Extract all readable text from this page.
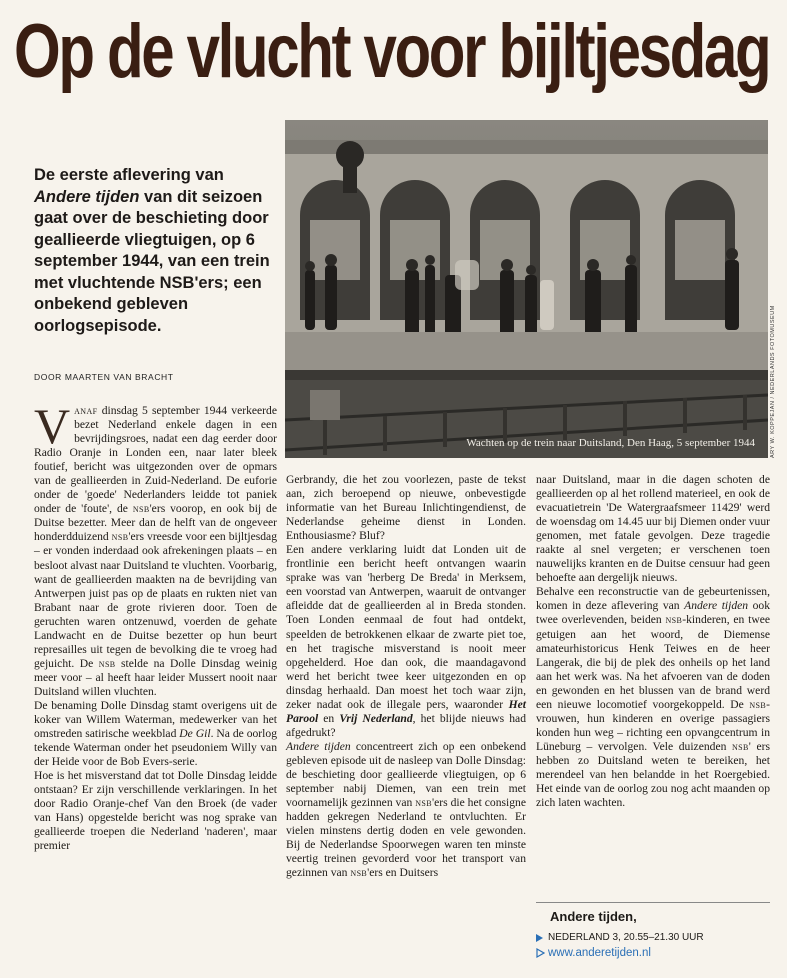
Op de vlucht voor bijltjesdag
De eerste aflevering van Andere tijden van dit seizoen gaat over de beschieting door geallieerde vliegtuigen, op 6 september 1944, van een trein met vluchtende NSB'ers; een onbekend gebleven oorlogsepisode.
DOOR MAARTEN VAN BRACHT
Wachten op de trein naar Duitsland, Den Haag, 5 september 1944	ARY W. KOPPEJAN / NEDERLANDS FOTOMUSEUM

Vanaf dinsdag 5 september 1944 verkeerde bezet Nederland enkele dagen in een bevrijdingsroes, nadat een dag eerder door Radio Oranje in Londen een, naar later bleek foutief, bericht was uitgezonden over de opmars van de geallieerden in Zuid-Nederland. De euforie onder de 'goede' Nederlanders leidde tot paniek onder de 'foute', de nsb'ers voorop, en ook bij de Duitse bezetter. Meer dan de helft van de ongeveer honderdduizend nsb'ers vreesde voor een bijltjesdag – er vonden inderdaad ook afrekeningen plaats – en besloot alvast naar Duitsland te vluchten. Voorbarig, want de geallieerden maakten na de bevrijding van Antwerpen juist pas op de plaats en rukten niet van Brabant naar de grote rivieren door. Toen de geruchten waren ontzenuwd, voerden de gehate Landwacht en de Duitse bezetter op hun beurt represailles uit tegen de bevolking die te vroeg had gejuicht. De nsb stelde na Dolle Dinsdag weinig meer voor – al heeft haar leider Mussert nooit naar Duitsland willen vluchten.

De benaming Dolle Dinsdag stamt overigens uit de koker van Willem Waterman, medewerker van het omstreden satirische weekblad De Gil. Na de oorlog tekende Waterman onder het pseudoniem Willy van der Heide voor de Bob Evers-serie.

Hoe is het misverstand dat tot Dolle Dinsdag leidde ontstaan? Er zijn verschillende verklaringen. In het door Radio Oranje-chef Van den Broek (de vader van Hans) opgestelde bericht was nog sprake van geallieerde troepen die Nederland 'naderen', maar premier

Gerbrandy, die het zou voorlezen, paste de tekst aan, zich beroepend op nieuwe, onbevestigde informatie van het Bureau Inlichtingendienst, de Nederlandse geheime dienst in Londen. Enthousiasme? Bluf?

Een andere verklaring luidt dat Londen uit de frontlinie een bericht heeft ontvangen waarin sprake was van 'herberg De Breda' in Merksem, een voorstad van Antwerpen, waaruit de ontvanger afleidde dat de geallieerden al in Breda stonden. Toen Londen eenmaal de fout had ontdekt, speelden de betrokkenen elkaar de zwarte piet toe, en het tragische misverstand is nooit meer opgehelderd. Hoe dan ook, die maandagavond werd het bericht twee keer uitgezonden en op dinsdag herhaald. Dan moest het toch waar zijn, zeker nadat ook de illegale pers, waaronder Het Parool en Vrij Nederland, het blijde nieuws had afgedrukt?

Andere tijden concentreert zich op een onbekend gebleven episode uit de nasleep van Dolle Dinsdag: de beschieting door geallieerde vliegtuigen, op 6 september nabij Diemen, van een trein met voornamelijk gezinnen van nsb'ers die het consigne hadden gekregen Nederland te ontvluchten. Er vielen minstens dertig doden en vele gewonden. Bij de Nederlandse Spoorwegen waren ten minste veertig treinen gevorderd voor het transport van gezinnen van nsb'ers en Duitsers

naar Duitsland, maar in die dagen schoten de geallieerden op al het rollend materieel, en ook de evacuatietrein 'De Watergraafsmeer 11429' werd de woensdag om 14.45 uur bij Diemen onder vuur genomen, met fatale gevolgen. Deze tragedie raakte al snel vergeten; er verschenen toen nauwelijks kranten en de Duitse censuur had geen behoefte aan dergelijk nieuws.

Behalve een reconstructie van de gebeurtenissen, komen in deze aflevering van Andere tijden ook twee overlevenden, beiden nsb-kinderen, en twee getuigen aan het woord, de Diemense amateurhistoricus Henk Teiwes en de heer Langerak, die bij de plek des onheils op het land aan het werk was. Na het afvoeren van de doden en gewonden en het blussen van de brand werd een nieuwe locomotief voorgekoppeld. De nsb-vrouwen, hun kinderen en overige passagiers konden hun weg – richting een opvangcentrum in Lüneburg – vervolgen. Vele duizenden nsb' ers hebben zo Duitsland weten te bereiken, het merendeel van hen belandde in het Roergebied. Het einde van de oorlog zou nog acht maanden op zich laten wachten.

Andere tijden,
NEDERLAND 3, 20.55–21.30 UUR
www.anderetijden.nl
